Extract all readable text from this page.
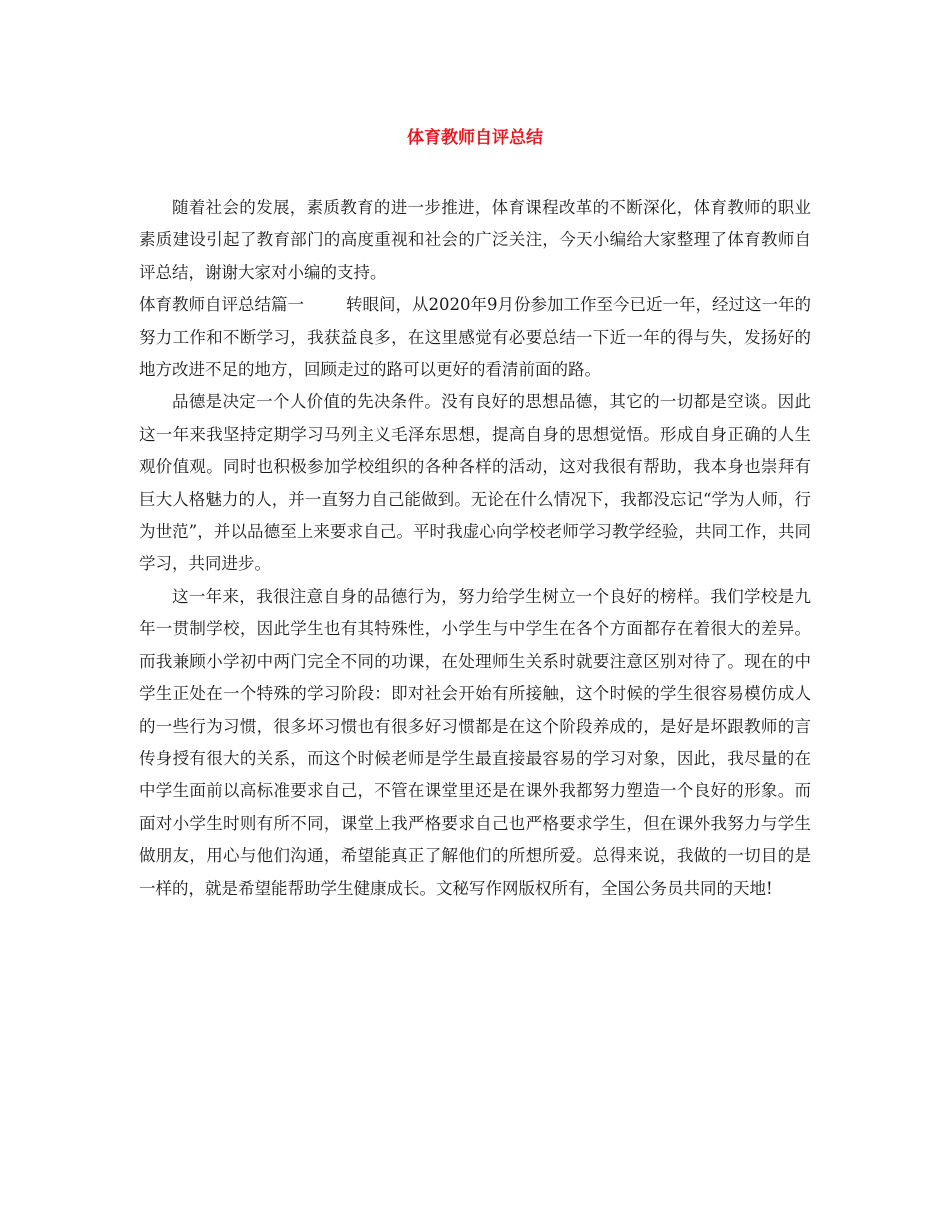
体育教师自评总结

随着社会的发展，素质教育的进一步推进，体育课程改革的不断深化，体育教师的职业素质建设引起了教育部门的高度重视和社会的广泛关注，今天小编给大家整理了体育教师自评总结，谢谢大家对小编的支持。

体育教师自评总结篇一	转眼间，从2020年9月份参加工作至今已近一年，经过这一年的努力工作和不断学习，我获益良多，在这里感觉有必要总结一下近一年的得与失，发扬好的地方改进不足的地方，回顾走过的路可以更好的看清前面的路。

品德是决定一个人价值的先决条件。没有良好的思想品德，其它的一切都是空谈。因此这一年来我坚持定期学习马列主义毛泽东思想，提高自身的思想觉悟。形成自身正确的人生观价值观。同时也积极参加学校组织的各种各样的活动，这对我很有帮助，我本身也崇拜有巨大人格魅力的人，并一直努力自己能做到。无论在什么情况下，我都没忘记“学为人师，行为世范”，并以品德至上来要求自己。平时我虚心向学校老师学习教学经验，共同工作，共同学习，共同进步。

这一年来，我很注意自身的品德行为，努力给学生树立一个良好的榜样。我们学校是九年一贯制学校，因此学生也有其特殊性，小学生与中学生在各个方面都存在着很大的差异。而我兼顾小学初中两门完全不同的功课，在处理师生关系时就要注意区别对待了。现在的中学生正处在一个特殊的学习阶段：即对社会开始有所接触，这个时候的学生很容易模仿成人的一些行为习惯，很多坏习惯也有很多好习惯都是在这个阶段养成的，是好是坏跟教师的言传身授有很大的关系，而这个时候老师是学生最直接最容易的学习对象，因此，我尽量的在中学生面前以高标准要求自己，不管在课堂里还是在课外我都努力塑造一个良好的形象。而面对小学生时则有所不同，课堂上我严格要求自己也严格要求学生，但在课外我努力与学生做朋友，用心与他们沟通，希望能真正了解他们的所想所爱。总得来说，我做的一切目的是一样的，就是希望能帮助学生健康成长。文秘写作网版权所有，全国公务员共同的天地!
